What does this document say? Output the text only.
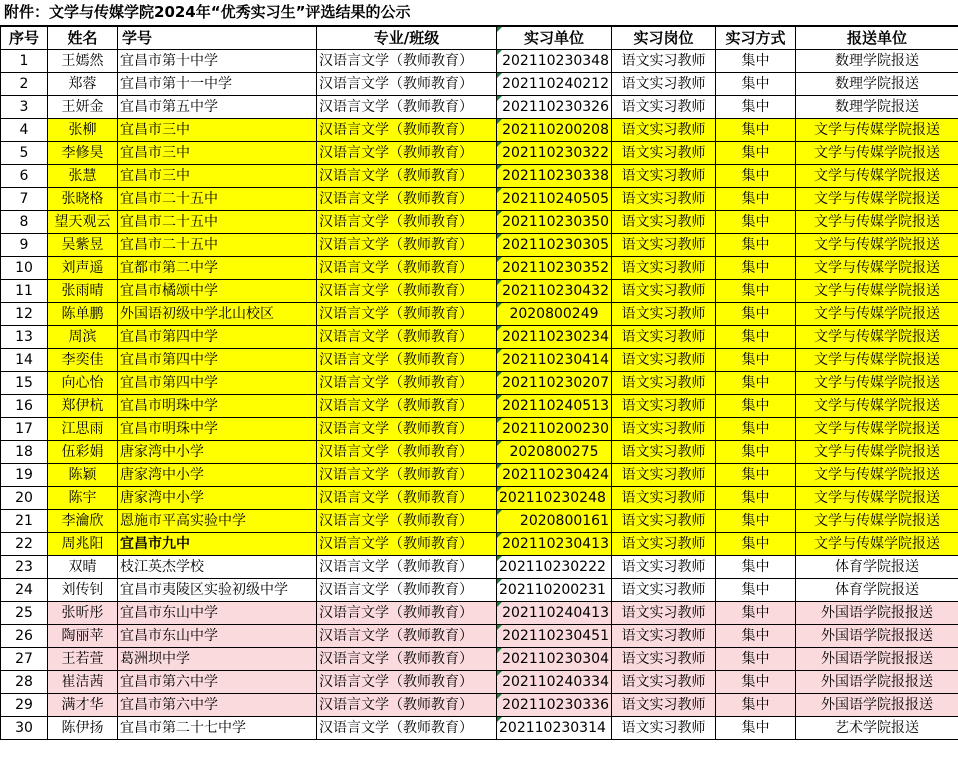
附件：文学与传媒学院2024年“优秀实习生”评选结果的公示
序号	姓名	学号	专业/班级	实习单位	实习岗位	实习方式	报送单位
1	王嫣然	宜昌市第十中学	汉语言文学（教师教育）	202110230348	语文实习教师	集中	数理学院报送
2	郑蓉	宜昌市第十一中学	汉语言文学（教师教育）	202110240212	语文实习教师	集中	数理学院报送
3	王妍金	宜昌市第五中学	汉语言文学（教师教育）	202110230326	语文实习教师	集中	数理学院报送
4	张柳	宜昌市三中	汉语言文学（教师教育）	202110200208	语文实习教师	集中	文学与传媒学院报送
5	李修昊	宜昌市三中	汉语言文学（教师教育）	202110230322	语文实习教师	集中	文学与传媒学院报送
6	张慧	宜昌市三中	汉语言文学（教师教育）	202110230338	语文实习教师	集中	文学与传媒学院报送
7	张晓格	宜昌市二十五中	汉语言文学（教师教育）	202110240505	语文实习教师	集中	文学与传媒学院报送
8	望天观云	宜昌市二十五中	汉语言文学（教师教育）	202110230350	语文实习教师	集中	文学与传媒学院报送
9	吴紫昱	宜昌市二十五中	汉语言文学（教师教育）	202110230305	语文实习教师	集中	文学与传媒学院报送
10	刘声遥	宜都市第二中学	汉语言文学（教师教育）	202110230352	语文实习教师	集中	文学与传媒学院报送
11	张雨晴	宜昌市橘颂中学	汉语言文学（教师教育）	202110230432	语文实习教师	集中	文学与传媒学院报送
12	陈单鹏	外国语初级中学北山校区	汉语言文学（教师教育）	2020800249	语文实习教师	集中	文学与传媒学院报送
13	周滨	宜昌市第四中学	汉语言文学（教师教育）	202110230234	语文实习教师	集中	文学与传媒学院报送
14	李奕佳	宜昌市第四中学	汉语言文学（教师教育）	202110230414	语文实习教师	集中	文学与传媒学院报送
15	向心怡	宜昌市第四中学	汉语言文学（教师教育）	202110230207	语文实习教师	集中	文学与传媒学院报送
16	郑伊杭	宜昌市明珠中学	汉语言文学（教师教育）	202110240513	语文实习教师	集中	文学与传媒学院报送
17	江思雨	宜昌市明珠中学	汉语言文学（教师教育）	202110200230	语文实习教师	集中	文学与传媒学院报送
18	伍彩娟	唐家湾中小学	汉语言文学（教师教育）	2020800275	语文实习教师	集中	文学与传媒学院报送
19	陈颖	唐家湾中小学	汉语言文学（教师教育）	202110230424	语文实习教师	集中	文学与传媒学院报送
20	陈宇	唐家湾中小学	汉语言文学（教师教育）	202110230248	语文实习教师	集中	文学与传媒学院报送
21	李瀹欣	恩施市平高实验中学	汉语言文学（教师教育）	2020800161	语文实习教师	集中	文学与传媒学院报送
22	周兆阳	宜昌市九中	汉语言文学（教师教育）	202110230413	语文实习教师	集中	文学与传媒学院报送
23	双晴	枝江英杰学校	汉语言文学（教师教育）	202110230222	语文实习教师	集中	体育学院报送
24	刘传钊	宜昌市夷陵区实验初级中学	汉语言文学（教师教育）	202110200231	语文实习教师	集中	体育学院报送
25	张昕彤	宜昌市东山中学	汉语言文学（教师教育）	202110240413	语文实习教师	集中	外国语学院报报送
26	陶丽苹	宜昌市东山中学	汉语言文学（教师教育）	202110230451	语文实习教师	集中	外国语学院报报送
27	王若萱	葛洲坝中学	汉语言文学（教师教育）	202110230304	语文实习教师	集中	外国语学院报报送
28	崔洁茜	宜昌市第六中学	汉语言文学（教师教育）	202110240334	语文实习教师	集中	外国语学院报报送
29	满才华	宜昌市第六中学	汉语言文学（教师教育）	202110230336	语文实习教师	集中	外国语学院报报送
30	陈伊扬	宜昌市第二十七中学	汉语言文学（教师教育）	202110230314	语文实习教师	集中	艺术学院报送
